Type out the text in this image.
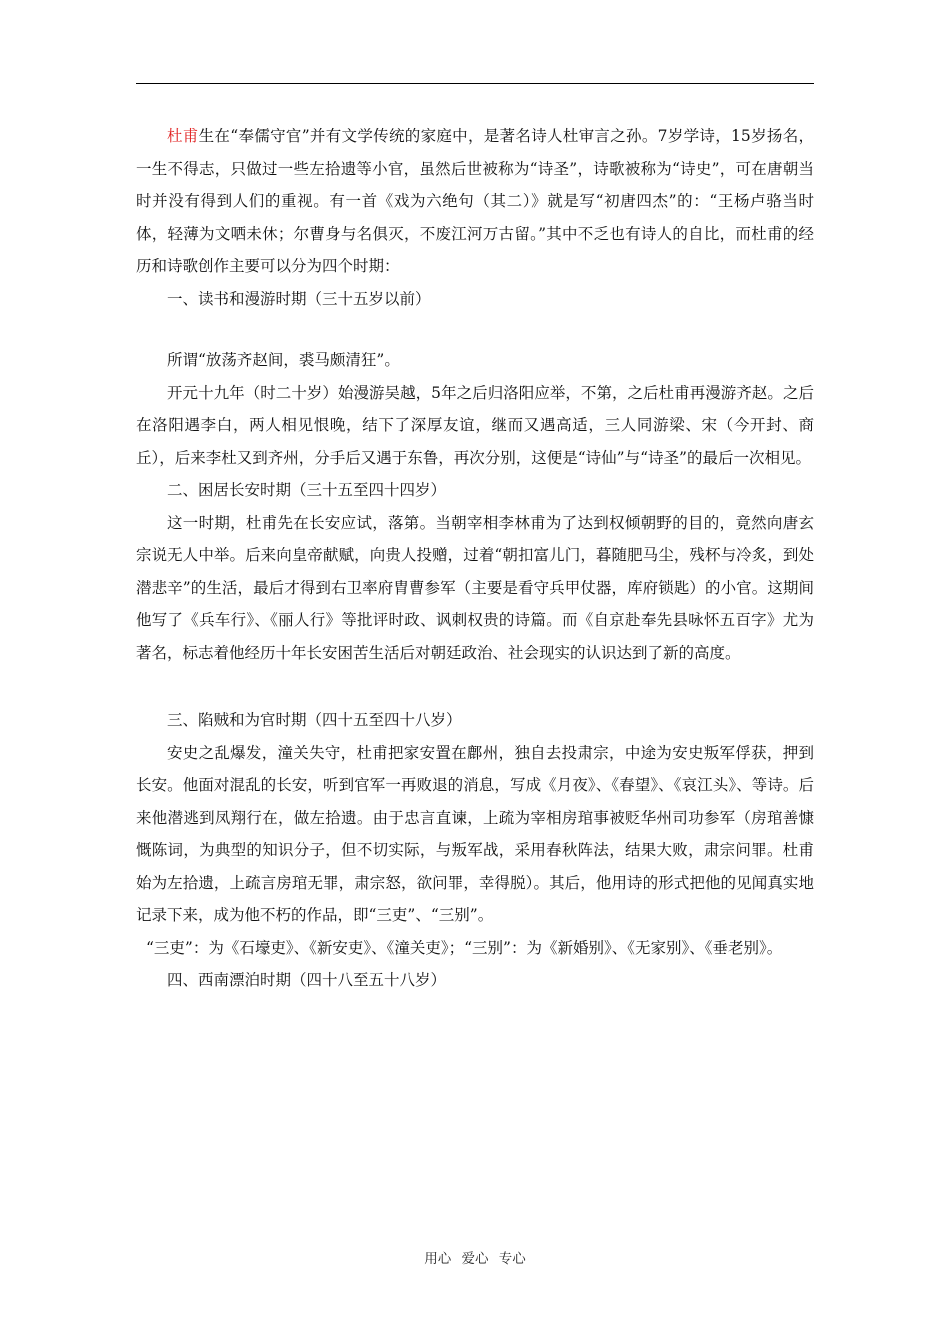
杜甫生在“奉儒守官”并有文学传统的家庭中，是著名诗人杜审言之孙。7岁学诗，15岁扬名，一生不得志，只做过一些左拾遗等小官，虽然后世被称为“诗圣”，诗歌被称为“诗史”，可在唐朝当时并没有得到人们的重视。有一首《戏为六绝句（其二）》就是写“初唐四杰”的：“王杨卢骆当时体，轻薄为文哂未休；尔曹身与名俱灭，不废江河万古留。”其中不乏也有诗人的自比，而杜甫的经历和诗歌创作主要可以分为四个时期：

一、读书和漫游时期（三十五岁以前）

所谓“放荡齐赵间，裘马颇清狂”。

开元十九年（时二十岁）始漫游吴越，5年之后归洛阳应举，不第，之后杜甫再漫游齐赵。之后在洛阳遇李白，两人相见恨晚，结下了深厚友谊，继而又遇高适，三人同游梁、宋（今开封、商丘），后来李杜又到齐州，分手后又遇于东鲁，再次分别，这便是“诗仙”与“诗圣”的最后一次相见。

二、困居长安时期（三十五至四十四岁）

这一时期，杜甫先在长安应试，落第。当朝宰相李林甫为了达到权倾朝野的目的，竟然向唐玄宗说无人中举。后来向皇帝献赋，向贵人投赠，过着“朝扣富儿门，暮随肥马尘，残杯与冷炙，到处潜悲辛”的生活，最后才得到右卫率府胄曹参军（主要是看守兵甲仗器，库府锁匙）的小官。这期间他写了《兵车行》、《丽人行》等批评时政、讽刺权贵的诗篇。而《自京赴奉先县咏怀五百字》尤为著名，标志着他经历十年长安困苦生活后对朝廷政治、社会现实的认识达到了新的高度。

三、陷贼和为官时期（四十五至四十八岁）

安史之乱爆发，潼关失守，杜甫把家安置在鄜州，独自去投肃宗，中途为安史叛军俘获，押到长安。他面对混乱的长安，听到官军一再败退的消息，写成《月夜》、《春望》、《哀江头》、等诗。后来他潜逃到凤翔行在，做左拾遗。由于忠言直谏，上疏为宰相房琯事被贬华州司功参军（房琯善慷慨陈词，为典型的知识分子，但不切实际，与叛军战，采用春秋阵法，结果大败，肃宗问罪。杜甫始为左拾遗，上疏言房琯无罪，肃宗怒，欲问罪，幸得脱）。其后，他用诗的形式把他的见闻真实地记录下来，成为他不朽的作品，即“三吏”、“三别”。

“三吏”：为《石壕吏》、《新安吏》、《潼关吏》；“三别”：为《新婚别》、《无家别》、《垂老别》。

四、西南漂泊时期（四十八至五十八岁）

用心 爱心 专心
